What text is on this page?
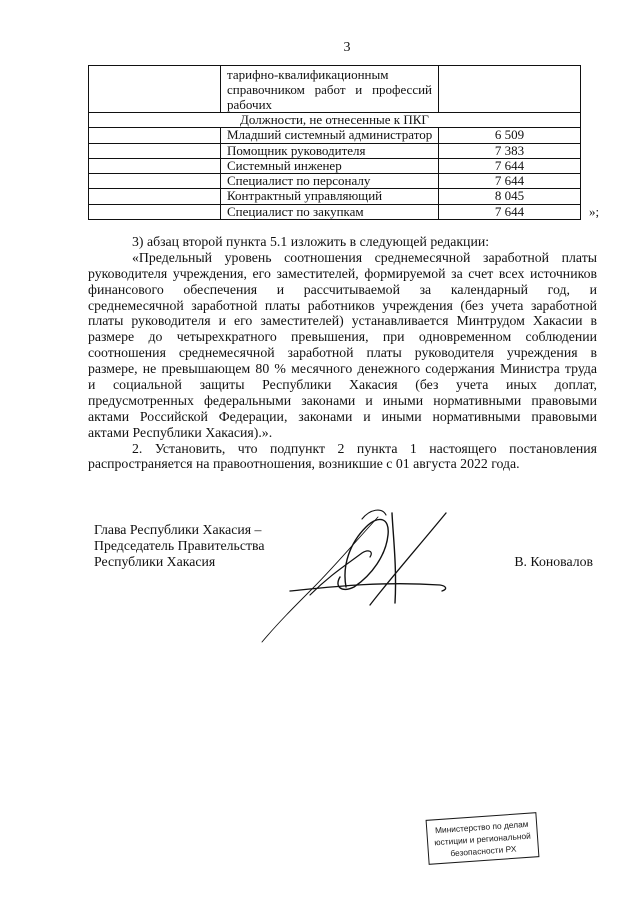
3

	тарифно-квалификационным
справочником работ и профессий
рабочих	

Должности, не отнесенные к ПКГ		
	Младший системный администратор	6 509
	Помощник руководителя	7 383
	Системный инженер	7 644
	Специалист по персоналу	7 644
	Контрактный управляющий	8 045
	Специалист по закупкам	7 644	»;
3) абзац второй пункта 5.1 изложить в следующей редакции:
«Предельный уровень соотношения среднемесячной заработной платы
руководителя учреждения, его заместителей, формируемой за счет всех источников
финансового обеспечения и рассчитываемой за календарный год, и
среднемесячной заработной платы работников учреждения (без учета заработной
платы руководителя и его заместителей) устанавливается Минтрудом Хакасии в
размере до четырехкратного превышения, при одновременном соблюдении
соотношения среднемесячной заработной платы руководителя учреждения в
размере, не превышающем 80 % месячного денежного содержания Министра труда
и социальной защиты Республики Хакасия (без учета иных доплат,
предусмотренных федеральными законами и иными нормативными правовыми
актами Российской Федерации, законами и иными нормативными правовыми
актами Республики Хакасия).».
2. Установить, что подпункт 2 пункта 1 настоящего постановления
распространяется на правоотношения, возникшие с 01 августа 2022 года.
Глава Республики Хакасия –
Председатель Правительства
Республики Хакасия	В. Коновалов
Министерство по делам
юстиции и региональной
безопасности РХ
